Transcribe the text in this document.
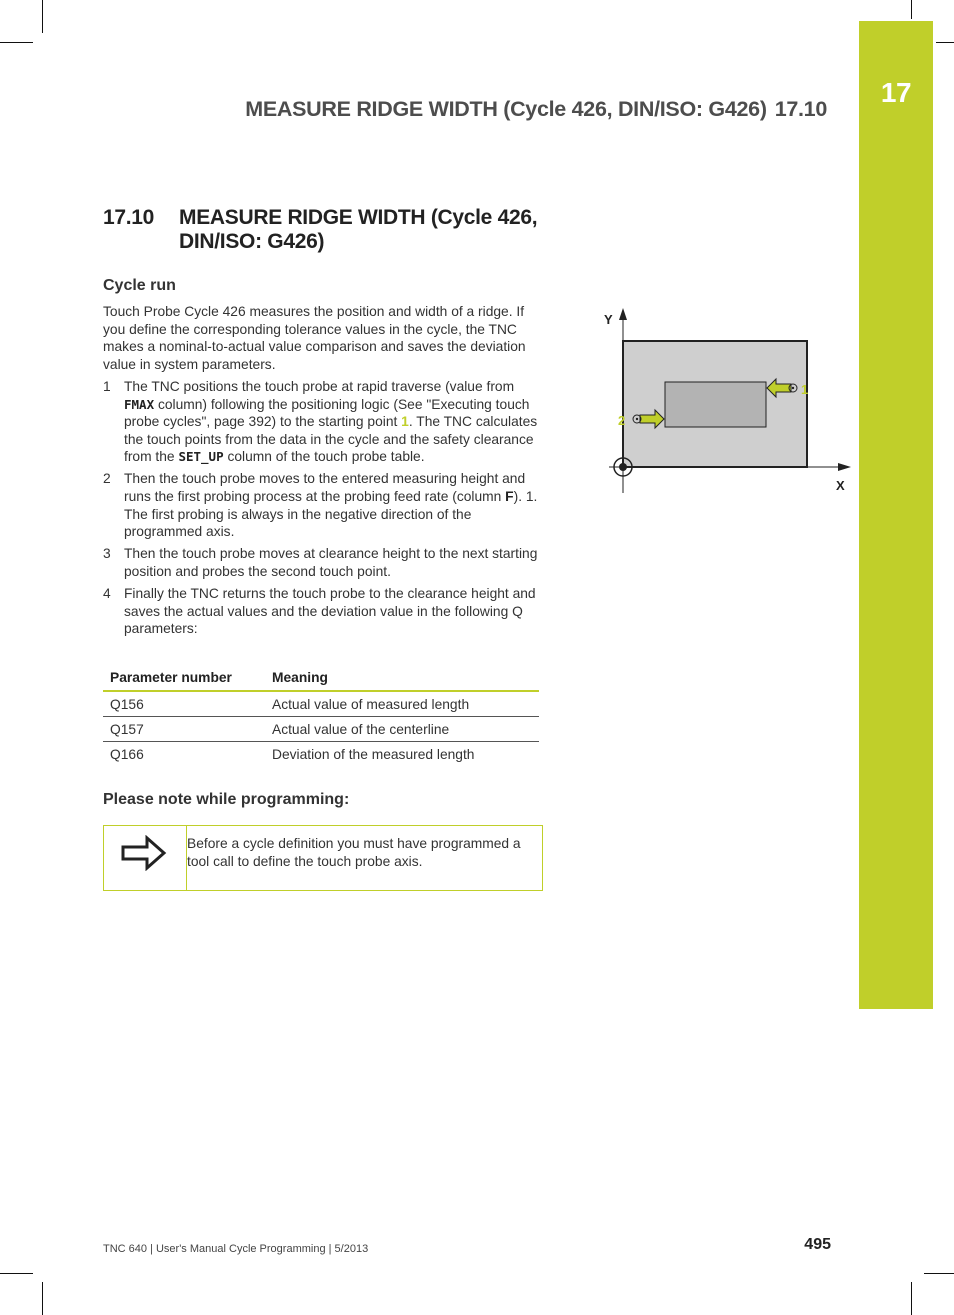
17
MEASURE RIDGE WIDTH (Cycle 426, DIN/ISO: G426) 17.10
17.10 MEASURE RIDGE WIDTH (Cycle 426, DIN/ISO: G426)
Cycle run

Touch Probe Cycle 426 measures the position and width of a ridge. If you define the corresponding tolerance values in the cycle, the TNC makes a nominal-to-actual value comparison and saves the deviation value in system parameters.

1 The TNC positions the touch probe at rapid traverse (value from FMAX column) following the positioning logic (See "Executing touch probe cycles", page 392) to the starting point 1. The TNC calculates the touch points from the data in the cycle and the safety clearance from the SET_UP column of the touch probe table.
2 Then the touch probe moves to the entered measuring height and runs the first probing process at the probing feed rate (column F). 1. The first probing is always in the negative direction of the programmed axis.
3 Then the touch probe moves at clearance height to the next starting position and probes the second touch point.
4 Finally the TNC returns the touch probe to the clearance height and saves the actual values and the deviation value in the following Q parameters:
Parameter number	Meaning
Q156	Actual value of measured length
Q157	Actual value of the centerline
Q166	Deviation of the measured length
Please note while programming:
Before a cycle definition you must have programmed a tool call to define the touch probe axis.
Y
X
1
2
TNC 640 | User's Manual Cycle Programming | 5/2013	495
